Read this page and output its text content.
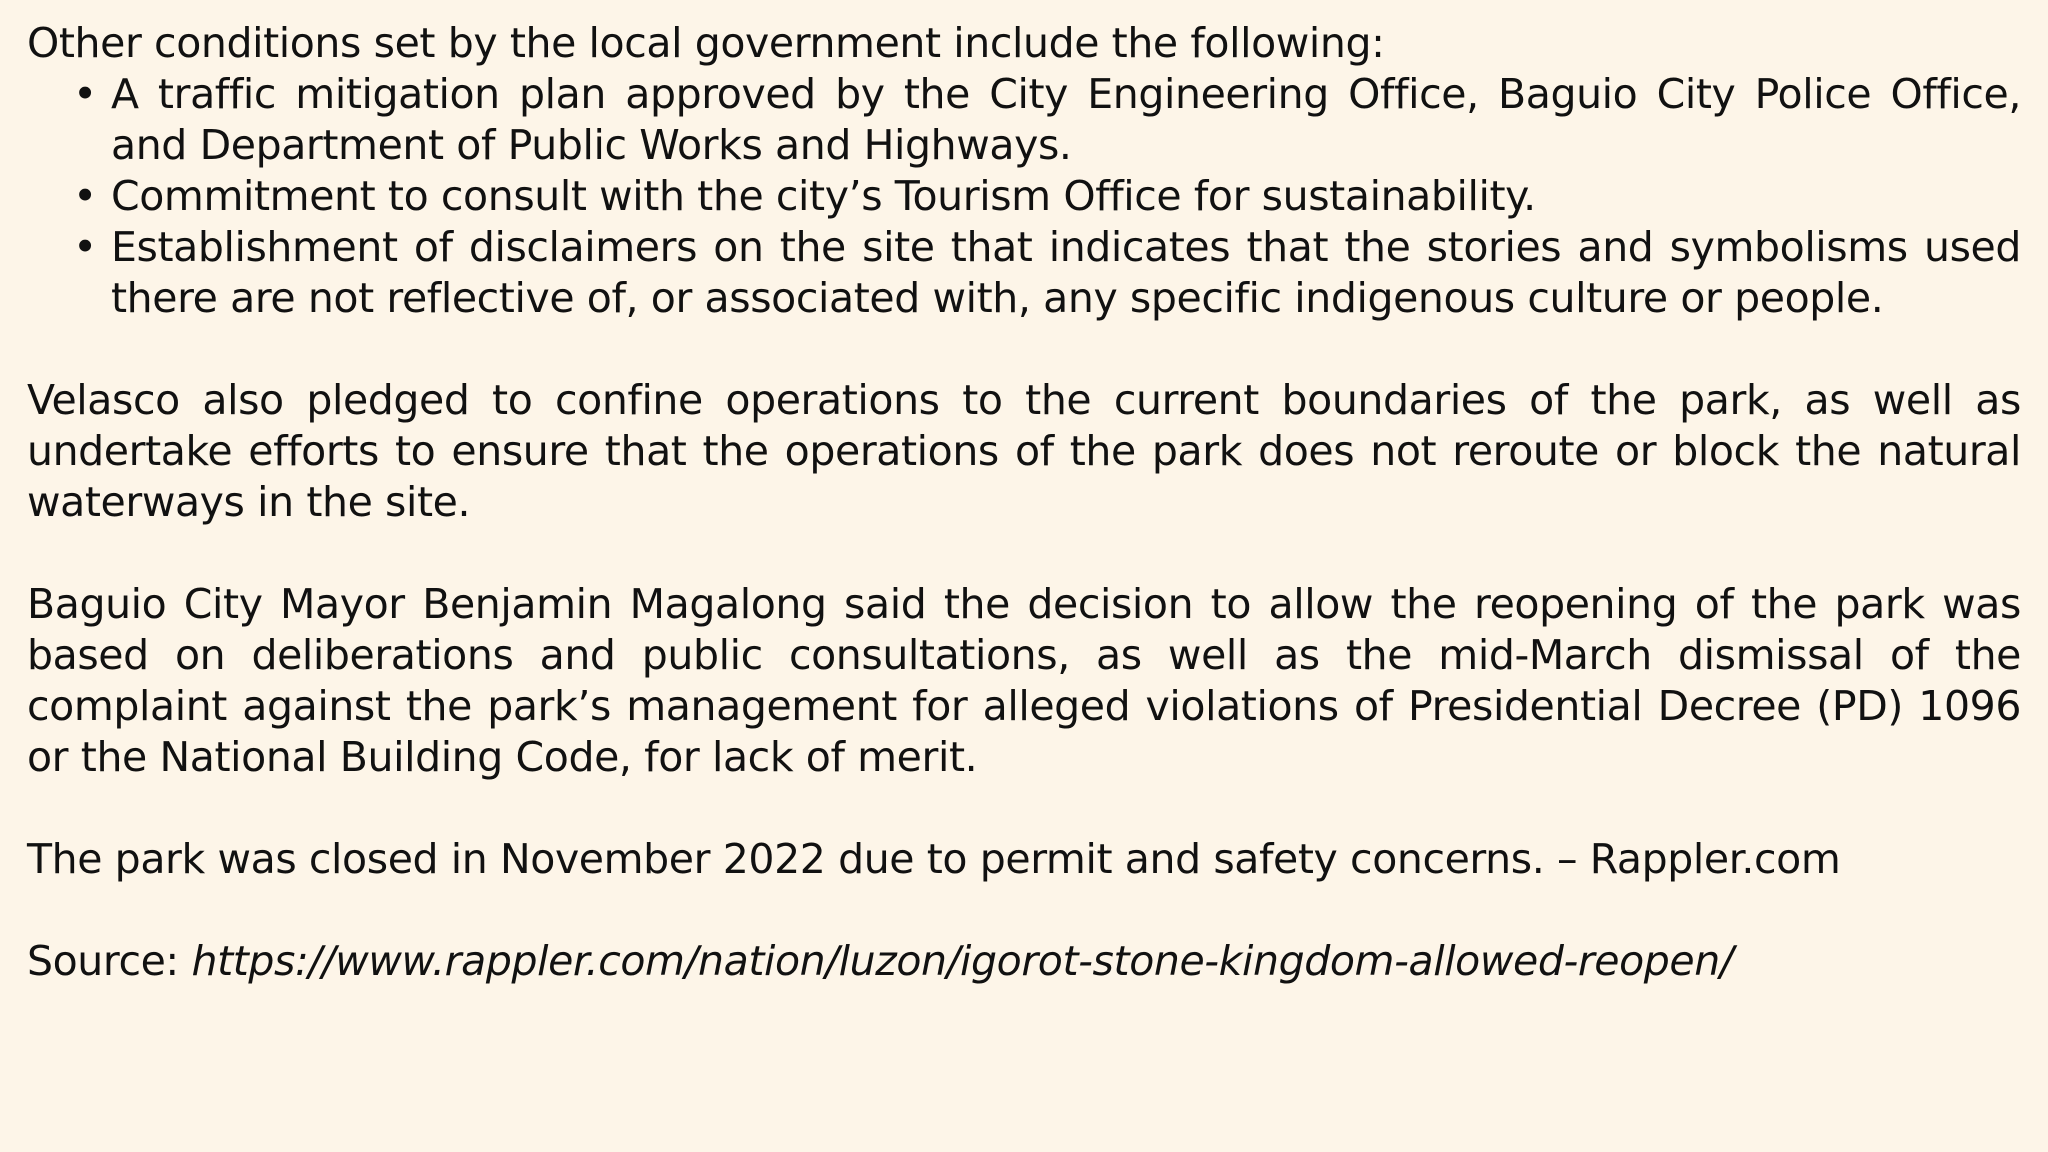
Other conditions set by the local government include the following:

• A traffic mitigation plan approved by the City Engineering Office, Baguio City Police Office, and Department of Public Works and Highways.
• Commitment to consult with the city’s Tourism Office for sustainability.
• Establishment of disclaimers on the site that indicates that the stories and symbolisms used there are not reflective of, or associated with, any specific indigenous culture or people.

Velasco also pledged to confine operations to the current boundaries of the park, as well as undertake efforts to ensure that the operations of the park does not reroute or block the natural waterways in the site.

Baguio City Mayor Benjamin Magalong said the decision to allow the reopening of the park was based on deliberations and public consultations, as well as the mid-March dismissal of the complaint against the park’s management for alleged violations of Presidential Decree (PD) 1096 or the National Building Code, for lack of merit.

The park was closed in November 2022 due to permit and safety concerns. – Rappler.com

Source: https://www.rappler.com/nation/luzon/igorot-stone-kingdom-allowed-reopen/
